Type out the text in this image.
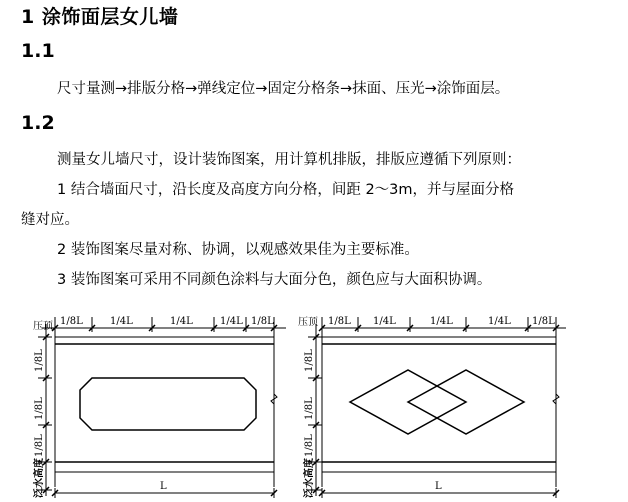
1 涂饰面层女儿墙
1.1
尺寸量测→排版分格→弹线定位→固定分格条→抹面、压光→涂饰面层。
1.2
测量女儿墙尺寸，设计装饰图案，用计算机排版，排版应遵循下列原则：
1 结合墙面尺寸，沿长度及高度方向分格，间距 2～3m，并与屋面分格
缝对应。
2 装饰图案尽量对称、协调，以观感效果佳为主要标准。
3 装饰图案可采用不同颜色涂料与大面分色，颜色应与大面积协调。
压顶 1/8L	1/4L	1/4L	1/4L 1/8L
1/8L
1/8L
1/8L
泛水高度	L
压顶 1/8L 1/4L	1/4L	1/4L 1/8L
1/8L
1/8L
1/8L
泛水高度	L
